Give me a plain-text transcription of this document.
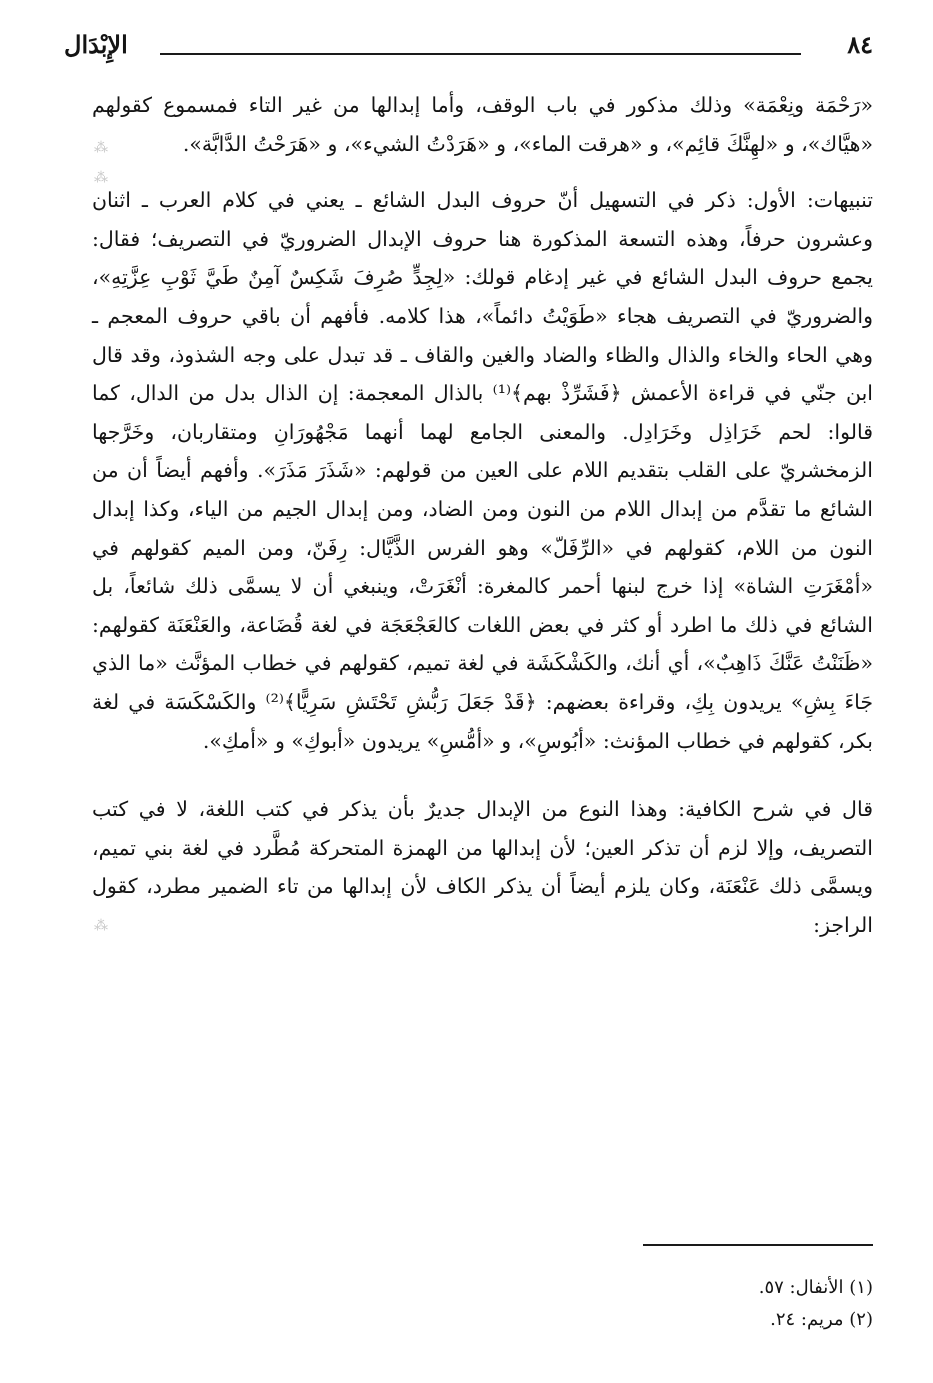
٨٤
الإِبْدَال

«رَحْمَة ونِعْمَة» وذلك مذكور في باب الوقف، وأما إبدالها من غير التاء فمسموع كقولهم «هيَّاك»، و «لهِنَّكَ قائِم»، و «هرقت الماء»، و «هَرَدْتُ الشيء»، و «هَرَحْتُ الدَّابَّة».

تنبيهات: الأول: ذكر في التسهيل أنّ حروف البدل الشائع ـ يعني في كلام العرب ـ اثنان وعشرون حرفاً، وهذه التسعة المذكورة هنا حروف الإبدال الضروريّ في التصريف؛ فقال: يجمع حروف البدل الشائع في غير إدغام قولك: «لِجِدٍّ صُرِفَ شَكِسٌ آمِنٌ طَيَّ ثَوْبِ عِزَّتِهِ»، والضروريّ في التصريف هجاء «طَوَيْتُ دائماً»، هذا كلامه. فأفهم أن باقي حروف المعجم ـ وهي الحاء والخاء والذال والظاء والضاد والغين والقاف ـ قد تبدل على وجه الشذوذ، وقد قال ابن جنّي في قراءة الأعمش ﴿فَشَرِّذْ بهم﴾⁽¹⁾ بالذال المعجمة: إن الذال بدل من الدال، كما قالوا: لحم خَرَاذِل وخَرَادِل. والمعنى الجامع لهما أنهما مَجْهُورَانِ ومتقاربان، وخَرَّجها الزمخشريّ على القلب بتقديم اللام على العين من قولهم: «شَذَرَ مَذَرَ». وأفهم أيضاً أن من الشائع ما تقدَّم من إبدال اللام من النون ومن الضاد، ومن إبدال الجيم من الياء، وكذا إبدال النون من اللام، كقولهم في «الرِّفَلّ» وهو الفرس الذَّيَّال: رِفَنّ، ومن الميم كقولهم في «أمْغَرَتِ الشاة» إذا خرج لبنها أحمر كالمغرة: أنْغَرَتْ، وينبغي أن لا يسمَّى ذلك شائعاً، بل الشائع في ذلك ما اطرد أو كثر في بعض اللغات كالعَجْعَجَة في لغة قُضَاعة، والعَنْعَنَة كقولهم: «ظَنَنْتُ عَنَّكَ ذَاهِبٌ»، أي أنك، والكَشْكَشَة في لغة تميم، كقولهم في خطاب المؤنَّث «ما الذي جَاءَ بِشِ» يريدون بِكِ، وقراءة بعضهم: ﴿قَدْ جَعَلَ رَبُّشِ تَحْتَشِ سَرِيًّا﴾⁽²⁾ والكَسْكَسَة في لغة بكر، كقولهم في خطاب المؤنث: «أبُوسِ»، و «أمُّسِ» يريدون «أبوكِ» و «أمكِ».

قال في شرح الكافية: وهذا النوع من الإبدال جديرٌ بأن يذكر في كتب اللغة، لا في كتب التصريف، وإلا لزم أن تذكر العين؛ لأن إبدالها من الهمزة المتحركة مُطَّرد في لغة بني تميم، ويسمَّى ذلك عَنْعَنَة، وكان يلزم أيضاً أن يذكر الكاف لأن إبدالها من تاء الضمير مطرد، كقول الراجز:

⁂
⁂
⁂
(١) الأنفال: ٥٧.
(٢) مريم: ٢٤.
